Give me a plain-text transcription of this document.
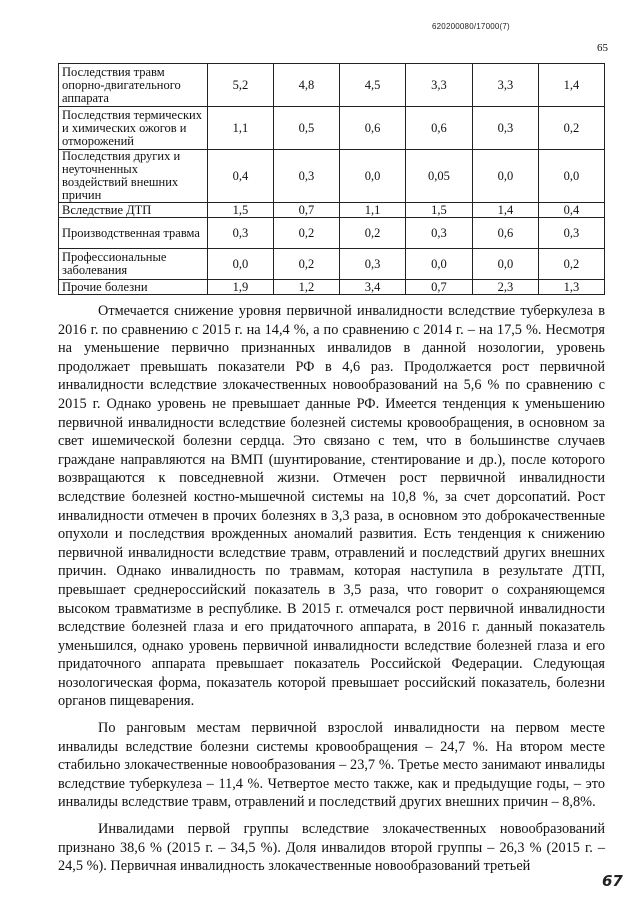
620200080/17000(7)
65
Последствия травм опорно-двигательного аппарата	5,2	4,8	4,5	3,3	3,3	1,4
Последствия термических и химических ожогов и отморожений	1,1	0,5	0,6	0,6	0,3	0,2
Последствия других и неуточненных воздействий внешних причин	0,4	0,3	0,0	0,05	0,0	0,0
Вследствие ДТП	1,5	0,7	1,1	1,5	1,4	0,4
Производственная травма	0,3	0,2	0,2	0,3	0,6	0,3
Профессиональные заболевания	0,0	0,2	0,3	0,0	0,0	0,2
Прочие болезни	1,9	1,2	3,4	0,7	2,3	1,3

Отмечается снижение уровня первичной инвалидности вследствие туберкулеза в 2016 г. по сравнению с 2015 г. на 14,4 %, а по сравнению с 2014 г. – на 17,5 %. Несмотря на уменьшение первично признанных инвалидов в данной нозологии, уровень продолжает превышать показатели РФ в 4,6 раз. Продолжается рост первичной инвалидности вследствие злокачественных новообразований на 5,6 % по сравнению с 2015 г. Однако уровень не превышает данные РФ. Имеется тенденция к уменьшению первичной инвалидности вследствие болезней системы кровообращения, в основном за свет ишемической болезни сердца. Это связано с тем, что в большинстве случаев граждане направляются на ВМП (шунтирование, стентирование и др.), после которого возвращаются к повседневной жизни. Отмечен рост первичной инвалидности вследствие болезней костно-мышечной системы на 10,8 %, за счет дорсопатий. Рост инвалидности отмечен в прочих болезнях в 3,3 раза, в основном это доброкачественные опухоли и последствия врожденных аномалий развития. Есть тенденция к снижению первичной инвалидности вследствие травм, отравлений и последствий других внешних причин. Однако инвалидность по травмам, которая наступила в результате ДТП, превышает среднероссийский показатель в 3,5 раза, что говорит о сохраняющемся высоком травматизме в республике. В 2015 г. отмечался рост первичной инвалидности вследствие болезней глаза и его придаточного аппарата, в 2016 г. данный показатель уменьшился, однако уровень первичной инвалидности вследствие болезней глаза и его придаточного аппарата превышает показатель Российской Федерации. Следующая нозологическая форма, показатель которой превышает российский показатель, болезни органов пищеварения.

По ранговым местам первичной взрослой инвалидности на первом месте инвалиды вследствие болезни системы кровообращения – 24,7 %. На втором месте стабильно злокачественные новообразования – 23,7 %. Третье место занимают инвалиды вследствие туберкулеза – 11,4 %. Четвертое место также, как и предыдущие годы, – это инвалиды вследствие травм, отравлений и последствий других внешних причин – 8,8%.

Инвалидами первой группы вследствие злокачественных новообразований признано 38,6 % (2015 г. – 34,5 %). Доля инвалидов второй группы – 26,3 % (2015 г. – 24,5 %). Первичная инвалидность злокачественные новообразований третьей

67
